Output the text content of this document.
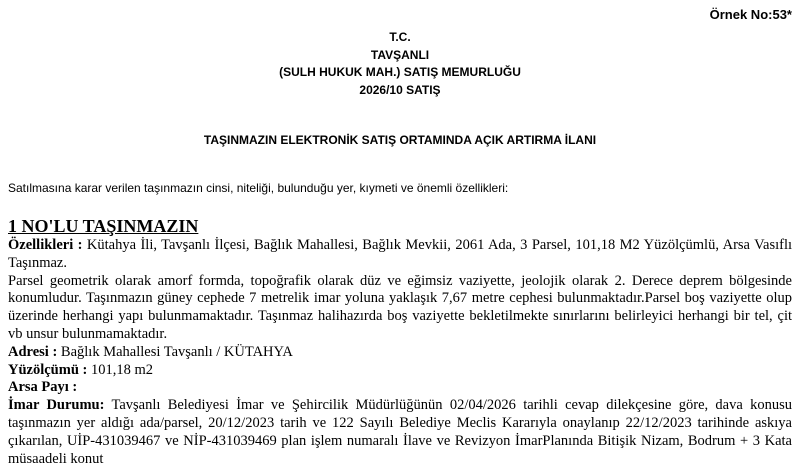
Örnek No:53*
T.C.
TAVŞANLI
(SULH HUKUK MAH.) SATIŞ MEMURLUĞU
2026/10 SATIŞ
TAŞINMAZIN ELEKTRONİK SATIŞ ORTAMINDA AÇIK ARTIRMA İLANI
Satılmasına karar verilen taşınmazın cinsi, niteliği, bulunduğu yer, kıymeti ve önemli özellikleri:
1 NO'LU TAŞINMAZIN

Özellikleri : Kütahya İli, Tavşanlı İlçesi, Bağlık Mahallesi, Bağlık Mevkii, 2061 Ada, 3 Parsel, 101,18 M2 Yüzölçümlü, Arsa Vasıflı Taşınmaz.

Parsel geometrik olarak amorf formda, topoğrafik olarak düz ve eğimsiz vaziyette, jeolojik olarak 2. Derece deprem bölgesinde konumludur. Taşınmazın güney cephede 7 metrelik imar yoluna yaklaşık 7,67 metre cephesi bulunmaktadır.Parsel boş vaziyette olup üzerinde herhangi yapı bulunmamaktadır. Taşınmaz halihazırda boş vaziyette bekletilmekte sınırlarını belirleyici herhangi bir tel, çit vb unsur bulunmamaktadır.

Adresi : Bağlık Mahallesi Tavşanlı / KÜTAHYA

Yüzölçümü : 101,18 m2

Arsa Payı :

İmar Durumu: Tavşanlı Belediyesi İmar ve Şehircilik Müdürlüğünün 02/04/2026 tarihli cevap dilekçesine göre, dava konusu taşınmazın yer aldığı ada/parsel, 20/12/2023 tarih ve 122 Sayılı Belediye Meclis Kararıyla onaylanıp 22/12/2023 tarihinde askıya çıkarılan, UİP-431039467 ve NİP-431039469 plan işlem numaralı İlave ve Revizyon İmarPlanında Bitişik Nizam, Bodrum + 3 Kata müsaadeli konut
